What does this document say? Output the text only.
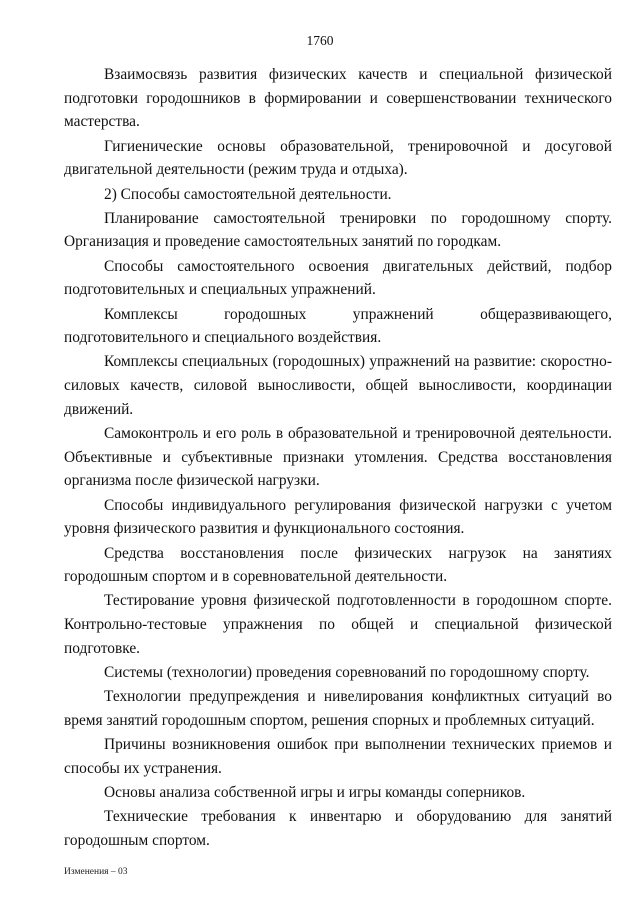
1760

Взаимосвязь развития физических качеств и специальной физической подготовки городошников в формировании и совершенствовании технического мастерства.

Гигиенические основы образовательной, тренировочной и досуговой двигательной деятельности (режим труда и отдыха).

2) Способы самостоятельной деятельности.

Планирование самостоятельной тренировки по городошному спорту. Организация и проведение самостоятельных занятий по городкам.

Способы самостоятельного освоения двигательных действий, подбор подготовительных и специальных упражнений.

Комплексы городошных упражнений общеразвивающего, подготовительного и специального воздействия.

Комплексы специальных (городошных) упражнений на развитие: скоростно-силовых качеств, силовой выносливости, общей выносливости, координации движений.

Самоконтроль и его роль в образовательной и тренировочной деятельности. Объективные и субъективные признаки утомления. Средства восстановления организма после физической нагрузки.

Способы индивидуального регулирования физической нагрузки с учетом уровня физического развития и функционального состояния.

Средства восстановления после физических нагрузок на занятиях городошным спортом и в соревновательной деятельности.

Тестирование уровня физической подготовленности в городошном спорте. Контрольно-тестовые упражнения по общей и специальной физической подготовке.

Системы (технологии) проведения соревнований по городошному спорту.

Технологии предупреждения и нивелирования конфликтных ситуаций во время занятий городошным спортом, решения спорных и проблемных ситуаций.

Причины возникновения ошибок при выполнении технических приемов и способы их устранения.

Основы анализа собственной игры и игры команды соперников.

Технические требования к инвентарю и оборудованию для занятий городошным спортом.

Изменения – 03
